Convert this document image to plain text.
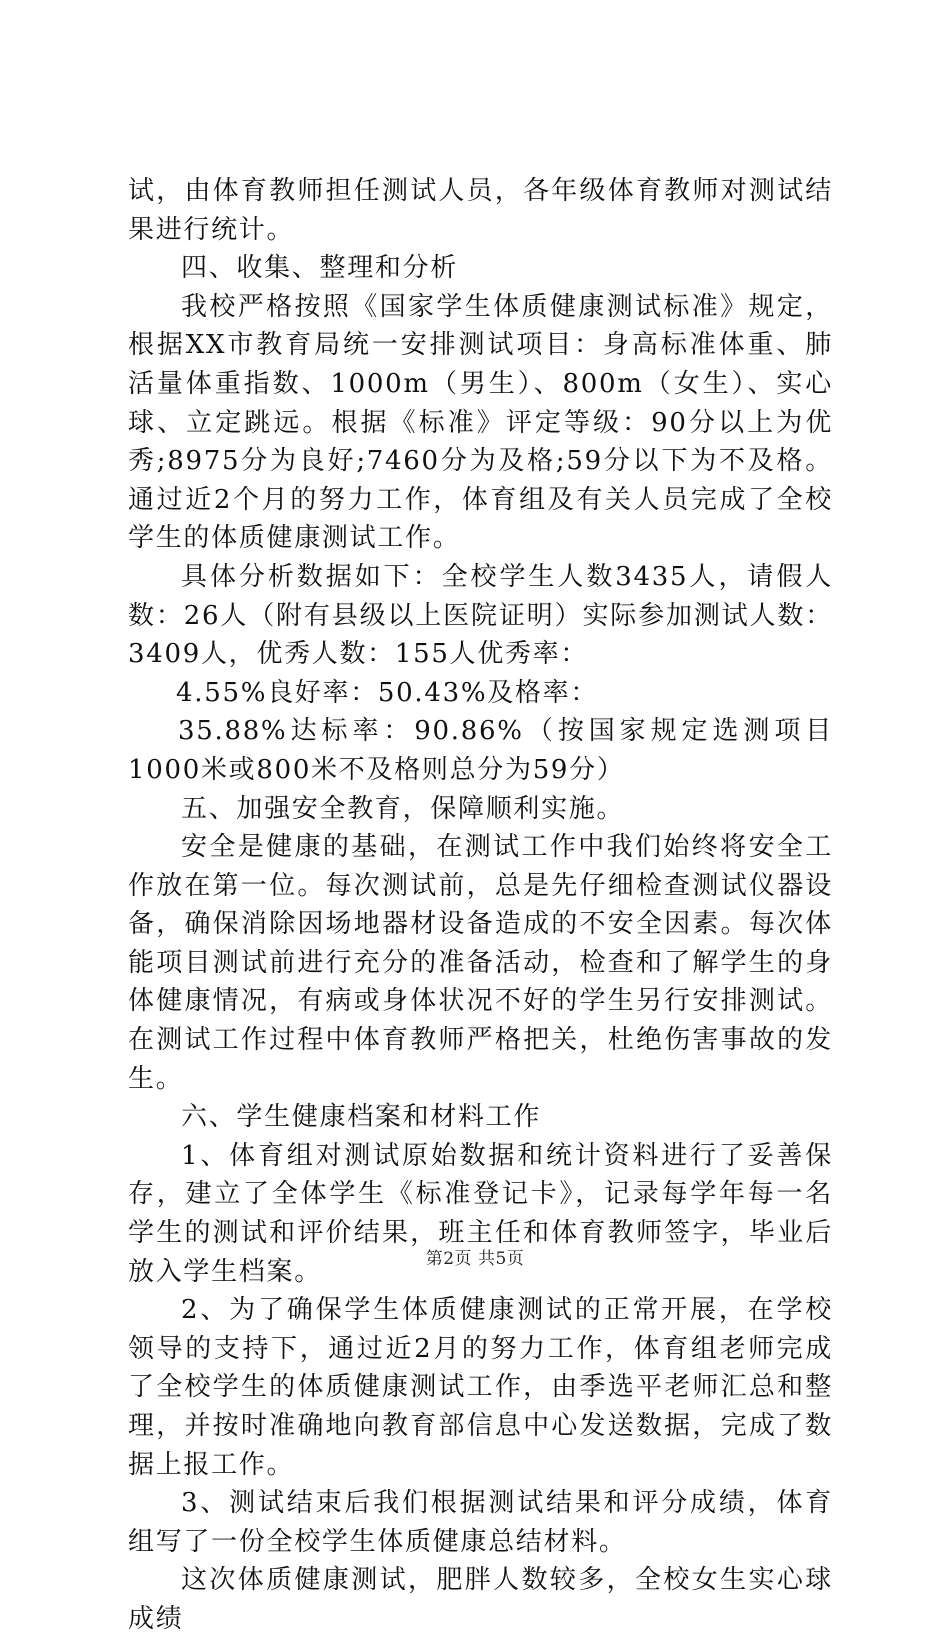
试，由体育教师担任测试人员，各年级体育教师对测试结果进行统计。

四、收集、整理和分析

我校严格按照《国家学生体质健康测试标准》规定，根据XX市教育局统一安排测试项目：身高标准体重、肺活量体重指数、1000m（男生）、800m（女生）、实心球、立定跳远。根据《标准》评定等级：90分以上为优秀;8975分为良好;7460分为及格;59分以下为不及格。通过近2个月的努力工作，体育组及有关人员完成了全校学生的体质健康测试工作。

具体分析数据如下：全校学生人数3435人，请假人数：26人（附有县级以上医院证明）实际参加测试人数：3409人，优秀人数：155人优秀率：

4.55%良好率：50.43%及格率：

35.88%达标率：90.86%（按国家规定选测项目1000米或800米不及格则总分为59分）

五、加强安全教育，保障顺利实施。

安全是健康的基础，在测试工作中我们始终将安全工作放在第一位。每次测试前，总是先仔细检查测试仪器设备，确保消除因场地器材设备造成的不安全因素。每次体能项目测试前进行充分的准备活动，检查和了解学生的身体健康情况，有病或身体状况不好的学生另行安排测试。在测试工作过程中体育教师严格把关，杜绝伤害事故的发生。

六、学生健康档案和材料工作

1、体育组对测试原始数据和统计资料进行了妥善保存，建立了全体学生《标准登记卡》，记录每学年每一名学生的测试和评价结果，班主任和体育教师签字，毕业后放入学生档案。

2、为了确保学生体质健康测试的正常开展，在学校领导的支持下，通过近2月的努力工作，体育组老师完成了全校学生的体质健康测试工作，由季选平老师汇总和整理，并按时准确地向教育部信息中心发送数据，完成了数据上报工作。

3、测试结束后我们根据测试结果和评分成绩，体育组写了一份全校学生体质健康总结材料。

这次体质健康测试，肥胖人数较多，全校女生实心球成绩

第2页 共5页
